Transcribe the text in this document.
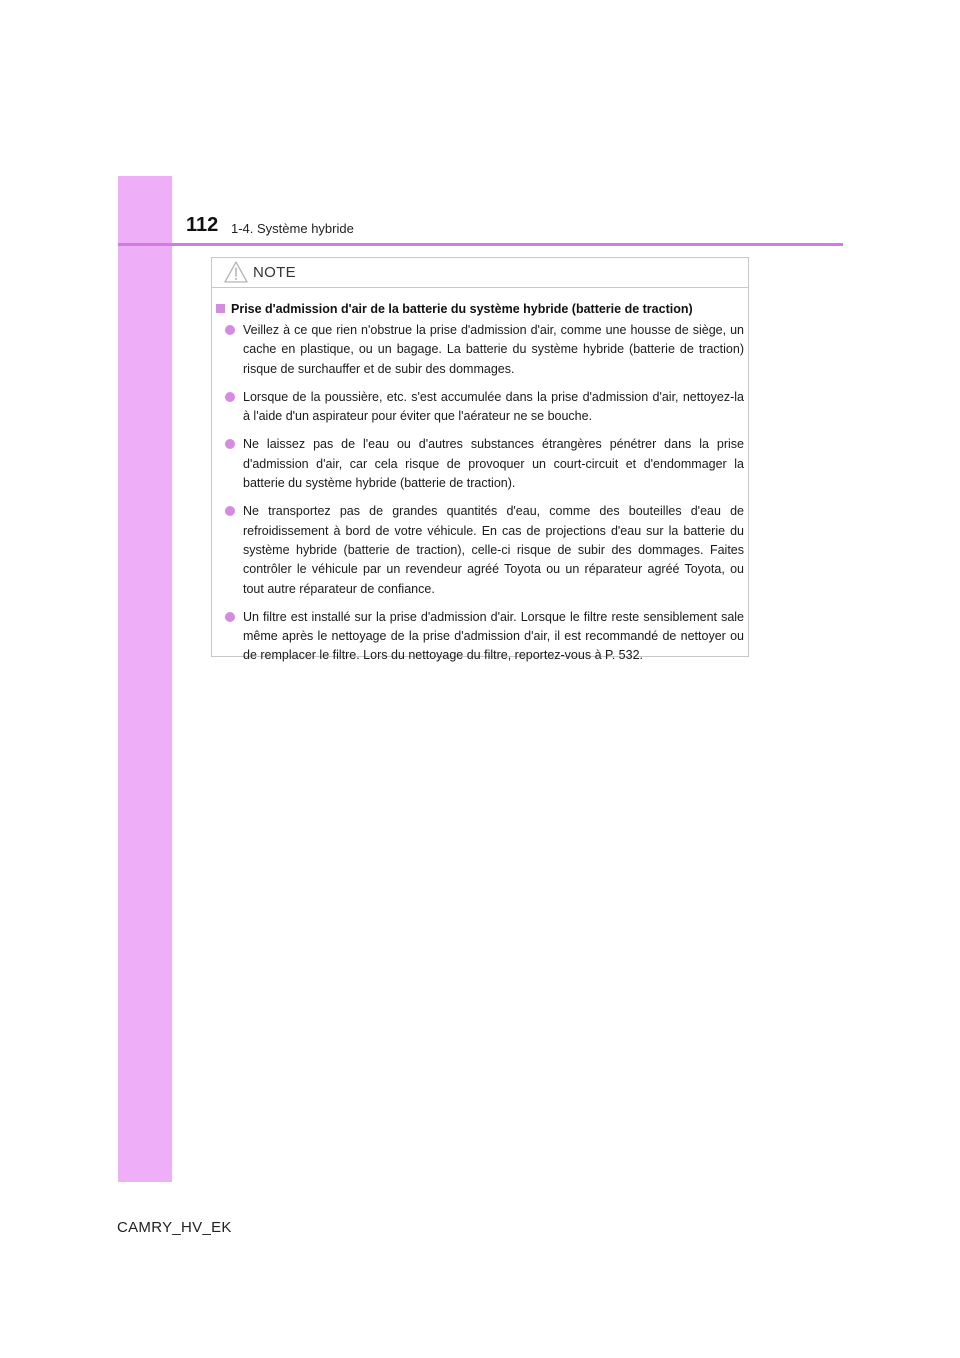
112 1-4. Système hybride
NOTE
Prise d'admission d'air de la batterie du système hybride (batterie de traction)
Veillez à ce que rien n'obstrue la prise d'admission d'air, comme une housse de siège, un cache en plastique, ou un bagage. La batterie du système hybride (batterie de traction) risque de surchauffer et de subir des dommages.
Lorsque de la poussière, etc. s'est accumulée dans la prise d'admission d'air, nettoyez-la à l'aide d'un aspirateur pour éviter que l'aérateur ne se bouche.
Ne laissez pas de l'eau ou d'autres substances étrangères pénétrer dans la prise d'admission d'air, car cela risque de provoquer un court-circuit et d'endommager la batterie du système hybride (batterie de traction).
Ne transportez pas de grandes quantités d'eau, comme des bouteilles d'eau de refroidissement à bord de votre véhicule. En cas de projections d'eau sur la batterie du système hybride (batterie de traction), celle-ci risque de subir des dommages. Faites contrôler le véhicule par un revendeur agréé Toyota ou un réparateur agréé Toyota, ou tout autre réparateur de confiance.
Un filtre est installé sur la prise d'admission d'air. Lorsque le filtre reste sensiblement sale même après le nettoyage de la prise d'admission d'air, il est recommandé de nettoyer ou de remplacer le filtre. Lors du nettoyage du filtre, reportez-vous à P. 532.
CAMRY_HV_EK
